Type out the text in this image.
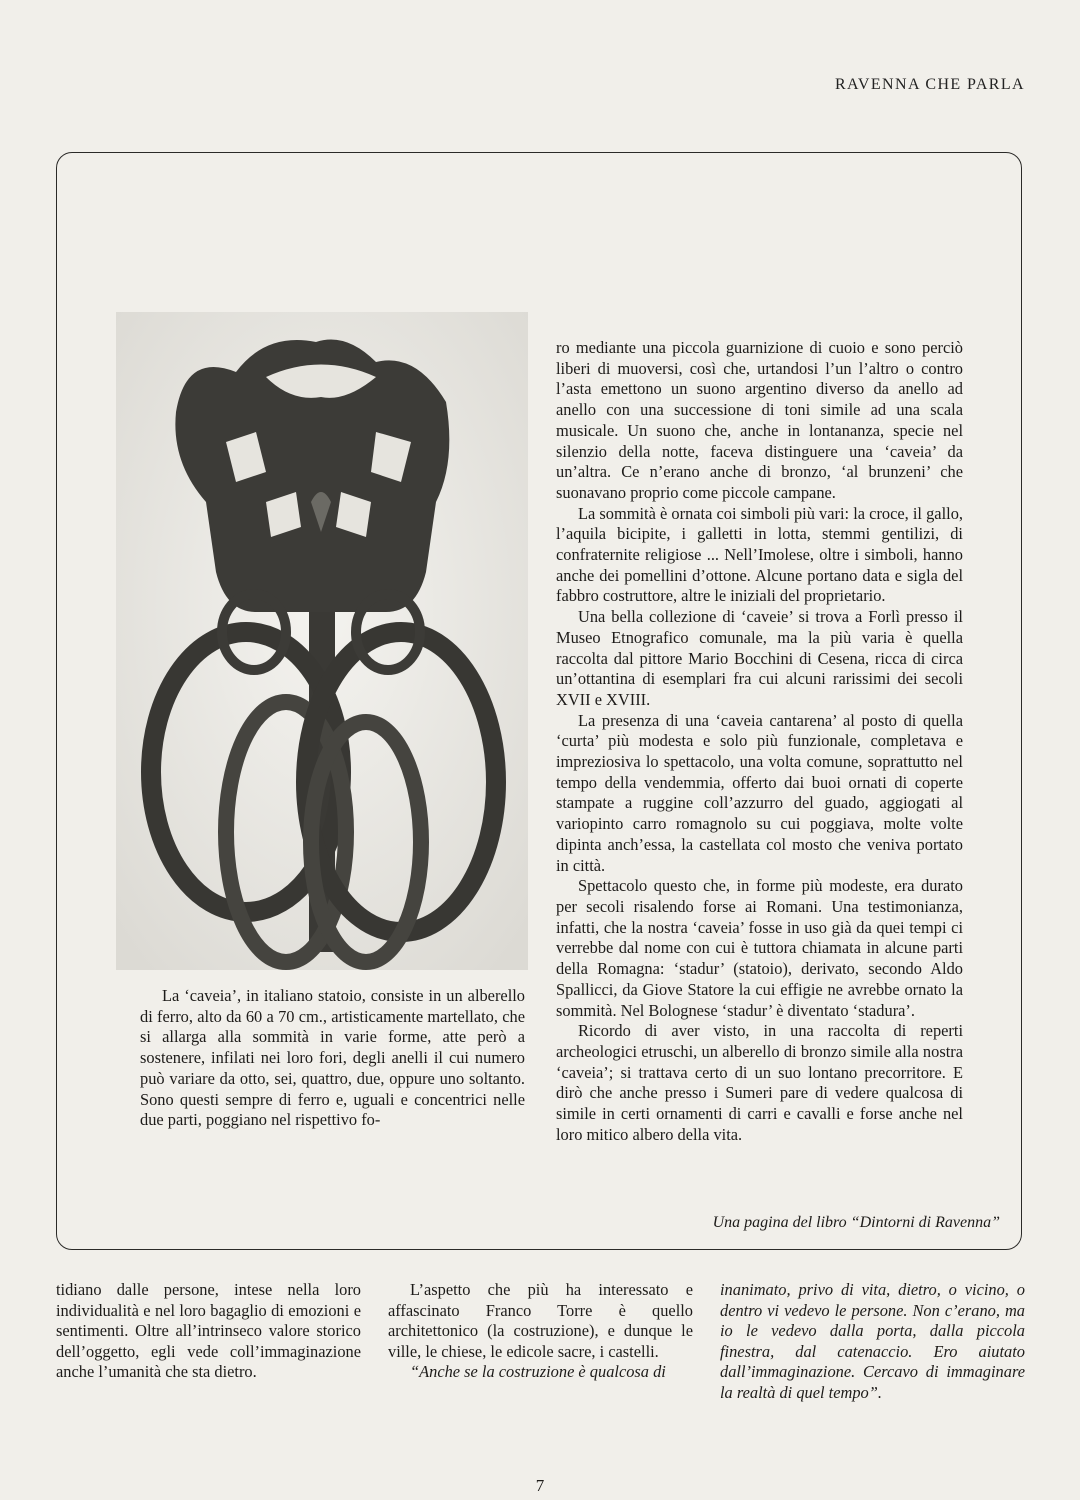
RAVENNA CHE PARLA

La ‘caveia’, in italiano statoio, consiste in un alberello di ferro, alto da 60 a 70 cm., artisticamente martellato, che si allarga alla sommità in varie forme, atte però a sostenere, infilati nei loro fori, degli anelli il cui numero può variare da otto, sei, quattro, due, oppure uno soltanto. Sono questi sempre di ferro e, uguali e concentrici nelle due parti, poggiano nel rispettivo fo-

ro mediante una piccola guarnizione di cuoio e sono perciò liberi di muoversi, così che, urtandosi l’un l’altro o contro l’asta emettono un suono argentino diverso da anello ad anello con una successione di toni simile ad una scala musicale. Un suono che, anche in lontananza, specie nel silenzio della notte, faceva distinguere una ‘caveia’ da un’altra. Ce n’erano anche di bronzo, ‘al brunzeni’ che suonavano proprio come piccole campane.

La sommità è ornata coi simboli più vari: la croce, il gallo, l’aquila bicipite, i galletti in lotta, stemmi gentilizi, di confraternite religiose ... Nell’Imolese, oltre i simboli, hanno anche dei pomellini d’ottone. Alcune portano data e sigla del fabbro costruttore, altre le iniziali del proprietario.

Una bella collezione di ‘caveie’ si trova a Forlì presso il Museo Etnografico comunale, ma la più varia è quella raccolta dal pittore Mario Bocchini di Cesena, ricca di circa un’ottantina di esemplari fra cui alcuni rarissimi dei secoli XVII e XVIII.

La presenza di una ‘caveia cantarena’ al posto di quella ‘curta’ più modesta e solo più funzionale, completava e impreziosiva lo spettacolo, una volta comune, soprattutto nel tempo della vendemmia, offerto dai buoi ornati di coperte stampate a ruggine coll’azzurro del guado, aggiogati al variopinto carro romagnolo su cui poggiava, molte volte dipinta anch’essa, la castellata col mosto che veniva portato in città.

Spettacolo questo che, in forme più modeste, era durato per secoli risalendo forse ai Romani. Una testimonianza, infatti, che la nostra ‘caveia’ fosse in uso già da quei tempi ci verrebbe dal nome con cui è tuttora chiamata in alcune parti della Romagna: ‘stadur’ (statoio), derivato, secondo Aldo Spallicci, da Giove Statore la cui effigie ne avrebbe ornato la sommità. Nel Bolognese ‘stadur’ è diventato ‘stadura’.

Ricordo di aver visto, in una raccolta di reperti archeologici etruschi, un alberello di bronzo simile alla nostra ‘caveia’; si trattava certo di un suo lontano precorritore. E dirò che anche presso i Sumeri pare di vedere qualcosa di simile in certi ornamenti di carri e cavalli e forse anche nel loro mitico albero della vita.

Una pagina del libro “Dintorni di Ravenna”

tidiano dalle persone, intese nella loro individualità e nel loro bagaglio di emozioni e sentimenti. Oltre all’intrinseco valore storico dell’oggetto, egli vede coll’immaginazione anche l’umanità che sta dietro.

L’aspetto che più ha interessato e affascinato Franco Torre è quello architettonico (la costruzione), e dunque le ville, le chiese, le edicole sacre, i castelli.

“Anche se la costruzione è qualcosa di

inanimato, privo di vita, dietro, o vicino, o dentro vi vedevo le persone. Non c’erano, ma io le vedevo dalla porta, dalla piccola finestra, dal catenaccio. Ero aiutato dall’immaginazione. Cercavo di immaginare la realtà di quel tempo”.

7
